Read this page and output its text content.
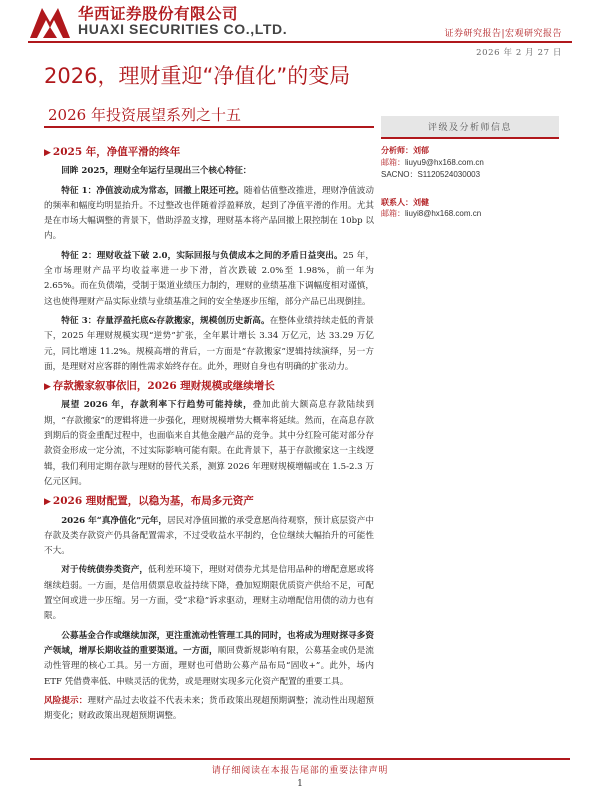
华西证券股份有限公司
HUAXI SECURITIES CO.,LTD.	证券研究报告|宏观研究报告
2026 年 2 月 27 日
2026，理财重迎“净值化”的变局
2026 年投资展望系列之十五
▶ 2025 年，净值平滑的终年

回眸 2025，理财全年运行呈现出三个核心特征：

特征 1：净值波动成为常态，回撤上限还可控。随着估值整改推进，理财净值波动的频率和幅度均明显抬升。不过整改也伴随着浮盈释放，起到了净值平滑的作用。尤其是在市场大幅调整的背景下，借助浮盈支撑，理财基本将产品回撤上限控制在 10bp 以内。

特征 2：理财收益下破 2.0，实际回报与负债成本之间的矛盾日益突出。25 年，全市场理财产品平均收益率进一步下滑，首次跌破 2.0%至 1.98%，前一年为 2.65%。而在负债端，受制于渠道业绩压力制约，理财的业绩基准下调幅度相对谨慎，这也使得理财产品实际业绩与业绩基准之间的安全垫逐步压缩，部分产品已出现倒挂。

特征 3：存量浮盈托底&存款搬家，规模创历史新高。在整体业绩持续走低的背景下，2025 年理财规模实现“逆势”扩张，全年累计增长 3.34 万亿元，达 33.29 万亿元，同比增速 11.2%。规模高增的背后，一方面是“存款搬家”逻辑持续演绎，另一方面，是理财对应客群的刚性需求始终存在。此外，理财自身也有明确的扩张动力。

▶ 存款搬家叙事依旧，2026 理财规模或继续增长

展望 2026 年，存款利率下行趋势可能持续，叠加此前大额高息存款陆续到期，“存款搬家”的逻辑将进一步强化，理财规模增势大概率将延续。然而，在高息存款到期后的资金重配过程中，也面临来自其他金融产品的竞争。其中分红险可能对部分存款资金形成一定分流，不过实际影响可能有限。在此背景下，基于存款搬家这一主线逻辑，我们利用定期存款与理财的替代关系，测算 2026 年理财规模增幅或在 1.5-2.3 万亿元区间。

▶ 2026 理财配置，以稳为基，布局多元资产

2026 年“真净值化”元年，居民对净值回撤的承受意愿尚待观察，预计底层资产中存款及类存款资产仍具备配置需求，不过受收益水平制约，仓位继续大幅抬升的可能性不大。

对于传统债券类资产，低利差环境下，理财对债券尤其是信用品种的增配意愿或将继续趋弱。一方面，是信用债票息收益持续下降，叠加短期限优质资产供给不足，可配置空间或进一步压缩。另一方面，受“求稳”诉求驱动，理财主动增配信用债的动力也有限。

公募基金合作或继续加深，更注重流动性管理工具的同时，也将成为理财探寻多资产领域，增厚长期收益的重要渠道。一方面，顺回费新规影响有限，公募基金或仍是流动性管理的核心工具。另一方面，理财也可借助公募产品布局“固收+”。此外，场内 ETF 凭借费率低、申赎灵活的优势，或是理财实现多元化资产配置的重要工具。

风险提示：理财产品过去收益不代表未来；货币政策出现超预期调整；流动性出现超预期变化；财政政策出现超预期调整。

评级及分析师信息
分析师：刘郁
邮箱：liuyu9@hx168.com.cn
SACNO：S1120524030003
联系人：刘健
邮箱：liuyi8@hx168.com.cn
请仔细阅读在本报告尾部的重要法律声明
1
